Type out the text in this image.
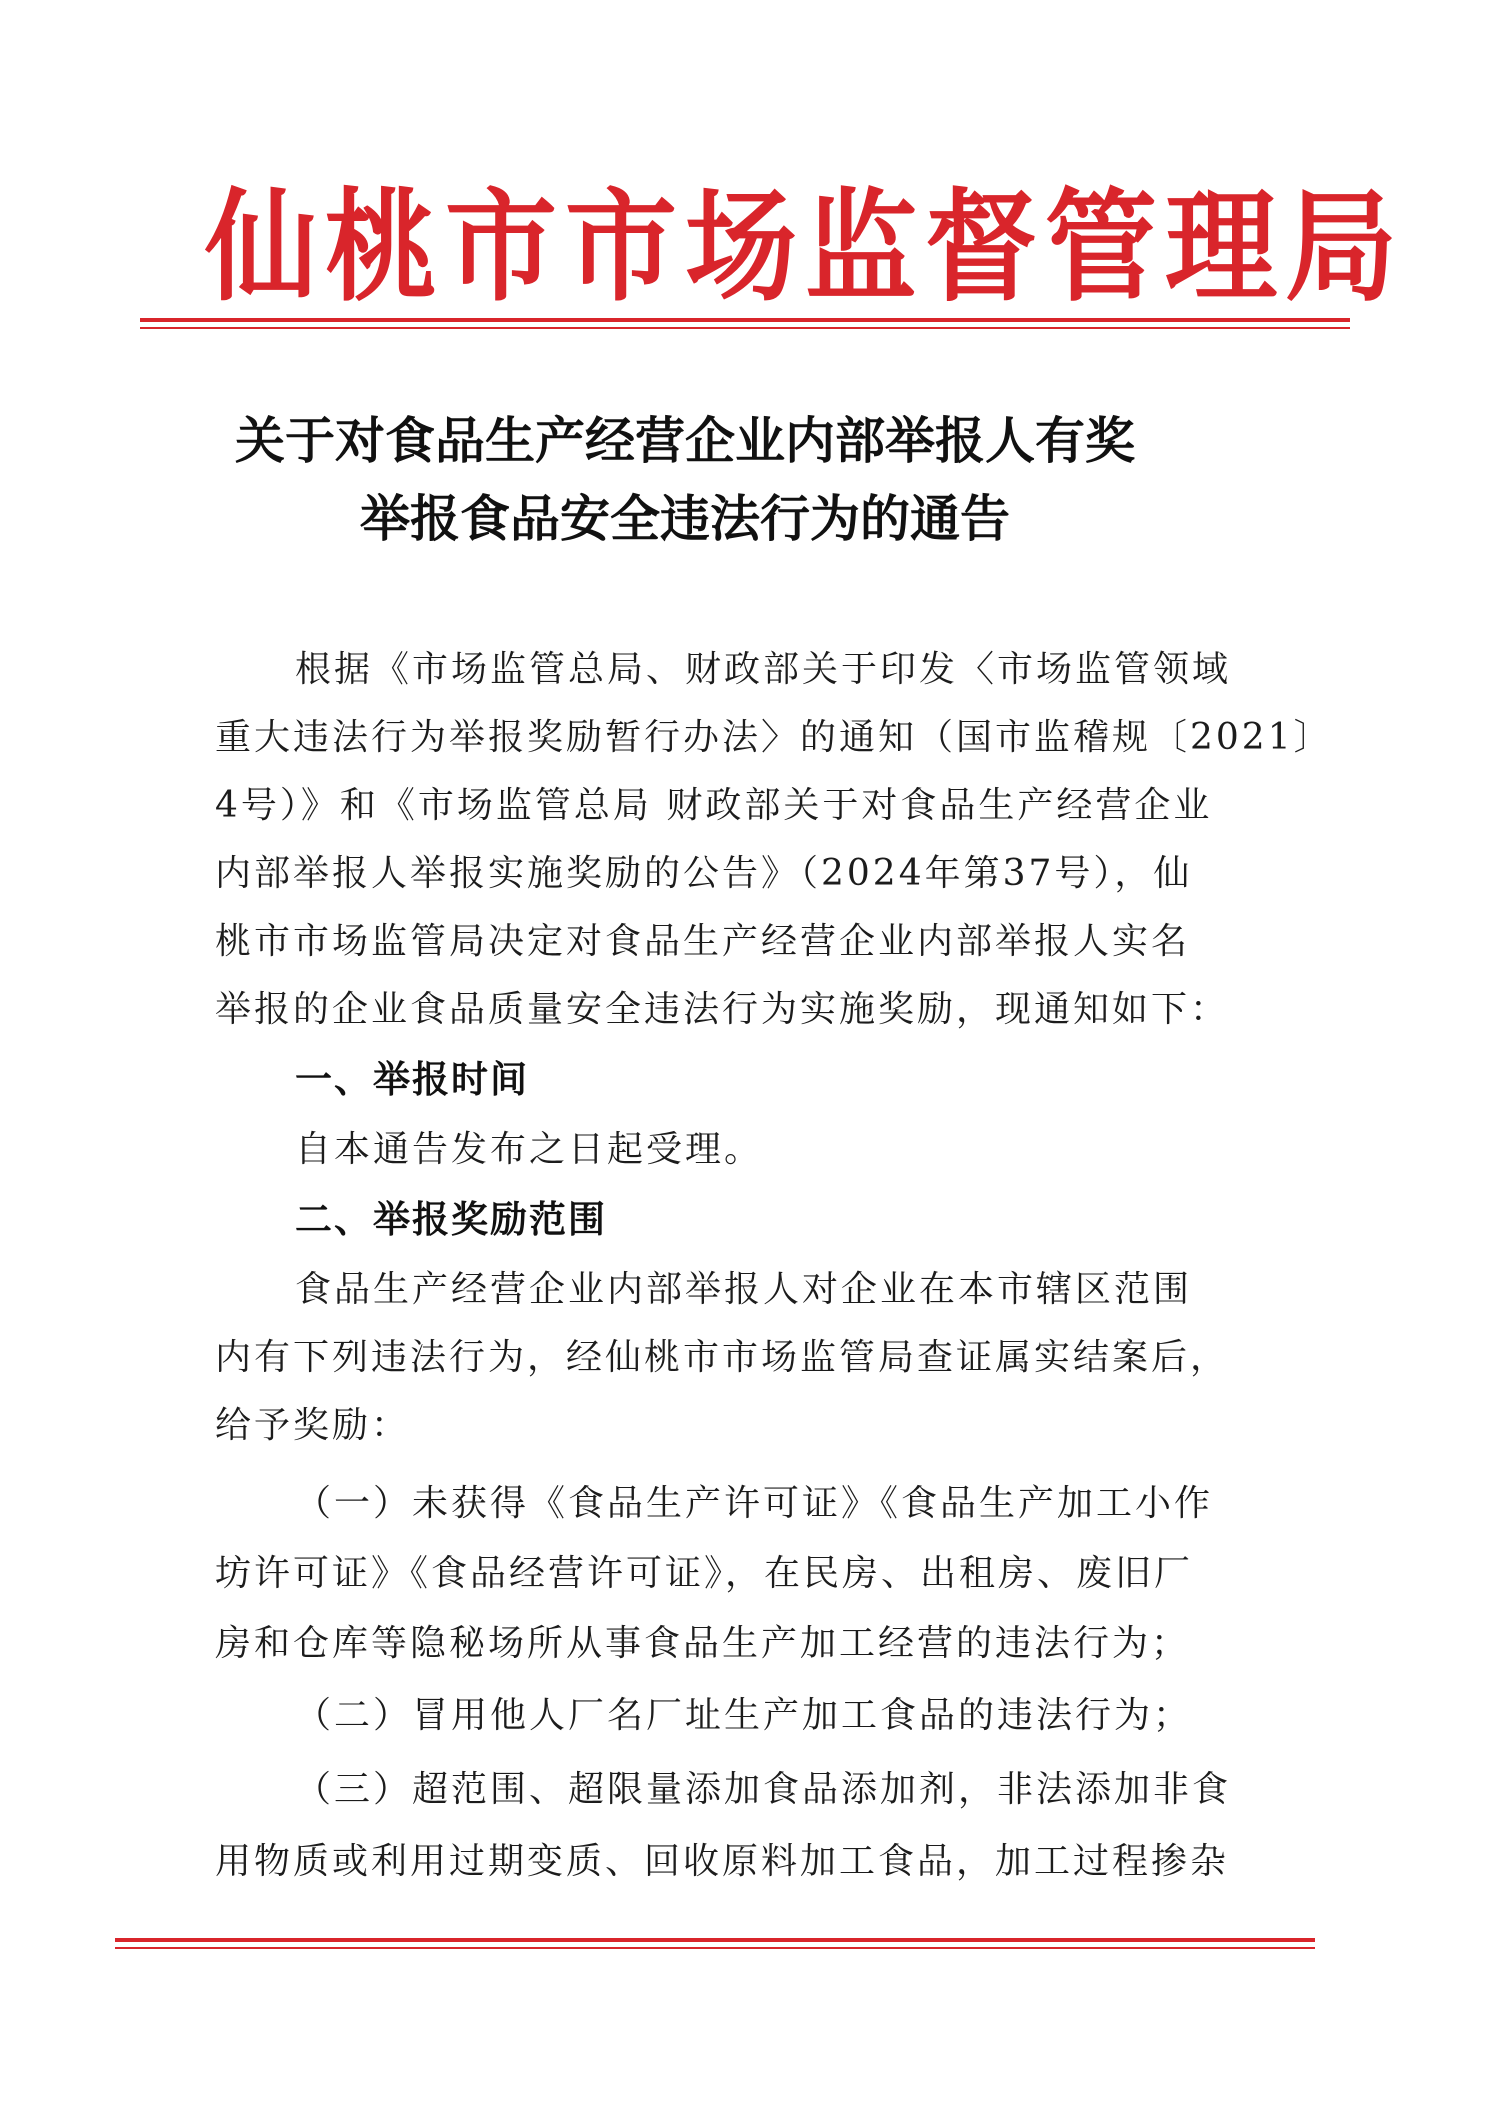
仙桃市市场监督管理局
关于对食品生产经营企业内部举报人有奖
举报食品安全违法行为的通告
根据《市场监管总局、财政部关于印发〈市场监管领域
重大违法行为举报奖励暂行办法〉的通知（国市监稽规〔2021〕
4号）》和《市场监管总局 财政部关于对食品生产经营企业
内部举报人举报实施奖励的公告》（2024年第37号），仙
桃市市场监管局决定对食品生产经营企业内部举报人实名
举报的企业食品质量安全违法行为实施奖励，现通知如下：
一、举报时间
自本通告发布之日起受理。
二、举报奖励范围
食品生产经营企业内部举报人对企业在本市辖区范围
内有下列违法行为，经仙桃市市场监管局查证属实结案后，
给予奖励：
（一）未获得《食品生产许可证》《食品生产加工小作
坊许可证》《食品经营许可证》，在民房、出租房、废旧厂
房和仓库等隐秘场所从事食品生产加工经营的违法行为；
（二）冒用他人厂名厂址生产加工食品的违法行为；
（三）超范围、超限量添加食品添加剂，非法添加非食
用物质或利用过期变质、回收原料加工食品，加工过程掺杂
